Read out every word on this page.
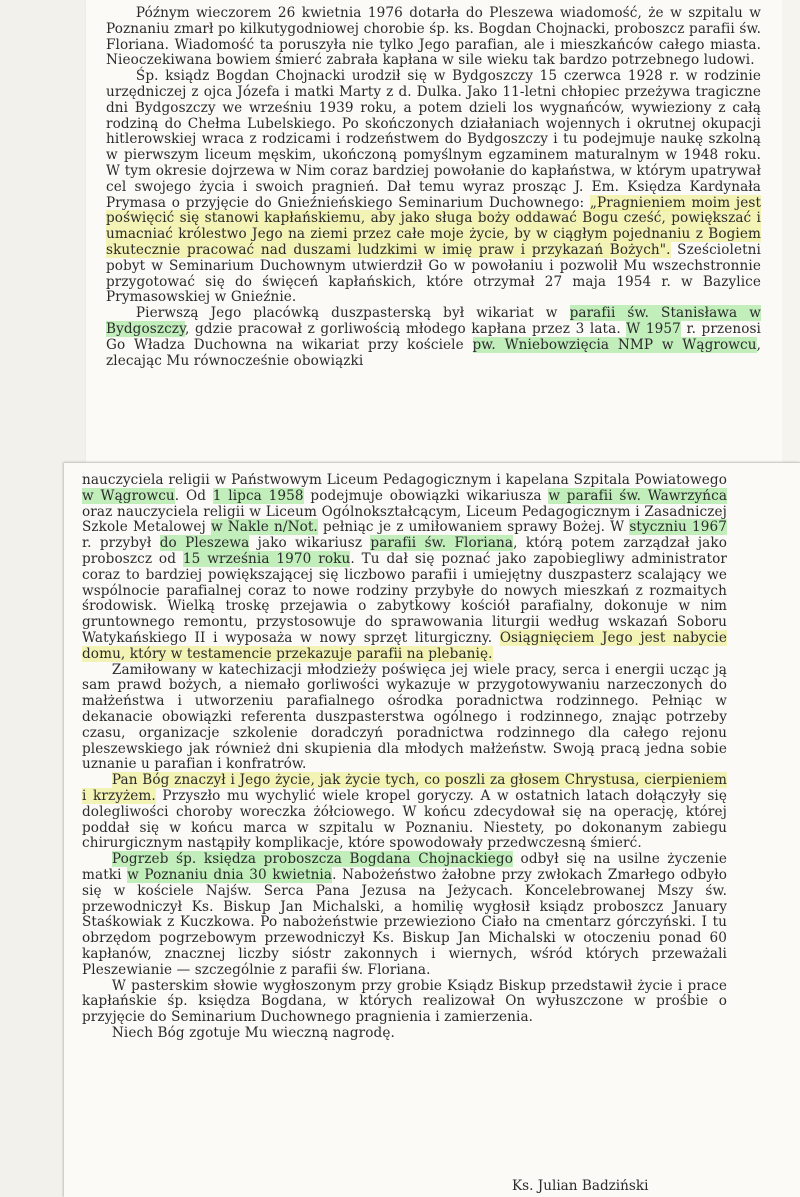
Późnym wieczorem 26 kwietnia 1976 dotarła do Pleszewa wiadomość, że w szpitalu w Poznaniu zmarł po kilkutygodniowej chorobie śp. ks. Bogdan Chojnacki, proboszcz parafii św. Floriana. Wiadomość ta poruszyła nie tylko Jego parafian, ale i mieszkańców całego miasta. Nieoczekiwana bowiem śmierć zabrała kapłana w sile wieku tak bardzo potrzebnego ludowi.

Śp. ksiądz Bogdan Chojnacki urodził się w Bydgoszczy 15 czerwca 1928 r. w rodzinie urzędniczej z ojca Józefa i matki Marty z d. Dulka. Jako 11-letni chłopiec przeżywa tragiczne dni Bydgoszczy we wrześniu 1939 roku, a potem dzieli los wygnańców, wywieziony z całą rodziną do Chełma Lubelskiego. Po skończonych działaniach wojennych i okrutnej okupacji hitlerowskiej wraca z rodzicami i rodzeństwem do Bydgoszczy i tu podejmuje naukę szkolną w pierwszym liceum męskim, ukończoną pomyślnym egzaminem maturalnym w 1948 roku. W tym okresie dojrzewa w Nim coraz bardziej powołanie do kapłaństwa, w którym upatrywał cel swojego życia i swoich pragnień. Dał temu wyraz prosząc J. Em. Księdza Kardynała Prymasa o przyjęcie do Gnieźnieńskiego Seminarium Duchownego: „Pragnieniem moim jest poświęcić się stanowi kapłańskiemu, aby jako sługa boży oddawać Bogu cześć, powiększać i umacniać królestwo Jego na ziemi przez całe moje życie, by w ciągłym pojednaniu z Bogiem skutecznie pracować nad duszami ludzkimi w imię praw i przykazań Bożych". Sześcioletni pobyt w Seminarium Duchownym utwierdził Go w powołaniu i pozwolił Mu wszechstronnie przygotować się do święceń kapłańskich, które otrzymał 27 maja 1954 r. w Bazylice Prymasowskiej w Gnieźnie.

Pierwszą Jego placówką duszpasterską był wikariat w parafii św. Stanisława w Bydgoszczy, gdzie pracował z gorliwością młodego kapłana przez 3 lata. W 1957 r. przenosi Go Władza Duchowna na wikariat przy kościele pw. Wniebowzięcia NMP w Wągrowcu, zlecając Mu równocześnie obowiązki

nauczyciela religii w Państwowym Liceum Pedagogicznym i kapelana Szpitala Powiatowego w Wągrowcu. Od 1 lipca 1958 podejmuje obowiązki wikariusza w parafii św. Wawrzyńca oraz nauczyciela religii w Liceum Ogólnokształcącym, Liceum Pedagogicznym i Zasadniczej Szkole Metalowej w Nakle n/Not. pełniąc je z umiłowaniem sprawy Bożej. W styczniu 1967 r. przybył do Pleszewa jako wikariusz parafii św. Floriana, którą potem zarządzał jako proboszcz od 15 września 1970 roku. Tu dał się poznać jako zapobiegliwy administrator coraz to bardziej powiększającej się liczbowo parafii i umiejętny duszpasterz scalający we wspólnocie parafialnej coraz to nowe rodziny przybyłe do nowych mieszkań z rozmaitych środowisk. Wielką troskę przejawia o zabytkowy kościół parafialny, dokonuje w nim gruntownego remontu, przystosowuje do sprawowania liturgii według wskazań Soboru Watykańskiego II i wyposaża w nowy sprzęt liturgiczny. Osiągnięciem Jego jest nabycie domu, który w testamencie przekazuje parafii na plebanię.

Zamiłowany w katechizacji młodzieży poświęca jej wiele pracy, serca i energii ucząc ją sam prawd bożych, a niemało gorliwości wykazuje w przygotowywaniu narzeczonych do małżeństwa i utworzeniu parafialnego ośrodka poradnictwa rodzinnego. Pełniąc w dekanacie obowiązki referenta duszpasterstwa ogólnego i rodzinnego, znając potrzeby czasu, organizacje szkolenie doradczyń poradnictwa rodzinnego dla całego rejonu pleszewskiego jak również dni skupienia dla młodych małżeństw. Swoją pracą jedna sobie uznanie u parafian i konfratrów.

Pan Bóg znaczył i Jego życie, jak życie tych, co poszli za głosem Chrystusa, cierpieniem i krzyżem. Przyszło mu wychylić wiele kropel goryczy. A w ostatnich latach dołączyły się dolegliwości choroby woreczka żółciowego. W końcu zdecydował się na operację, której poddał się w końcu marca w szpitalu w Poznaniu. Niestety, po dokonanym zabiegu chirurgicznym nastąpiły komplikacje, które spowodowały przedwczesną śmierć.

Pogrzeb śp. księdza proboszcza Bogdana Chojnackiego odbył się na usilne życzenie matki w Poznaniu dnia 30 kwietnia. Nabożeństwo żałobne przy zwłokach Zmarłego odbyło się w kościele Najśw. Serca Pana Jezusa na Jeżycach. Koncelebrowanej Mszy św. przewodniczył Ks. Biskup Jan Michalski, a homilię wygłosił ksiądz proboszcz January Staśkowiak z Kuczkowa. Po nabożeństwie przewieziono Ciało na cmentarz górczyński. I tu obrzędom pogrzebowym przewodniczył Ks. Biskup Jan Michalski w otoczeniu ponad 60 kapłanów, znacznej liczby sióstr zakonnych i wiernych, wśród których przeważali Pleszewianie — szczególnie z parafii św. Floriana.

W pasterskim słowie wygłoszonym przy grobie Ksiądz Biskup przedstawił życie i prace kapłańskie śp. księdza Bogdana, w których realizował On wyłuszczone w prośbie o przyjęcie do Seminarium Duchownego pragnienia i zamierzenia.

Niech Bóg zgotuje Mu wieczną nagrodę.

Ks. Julian Badziński
